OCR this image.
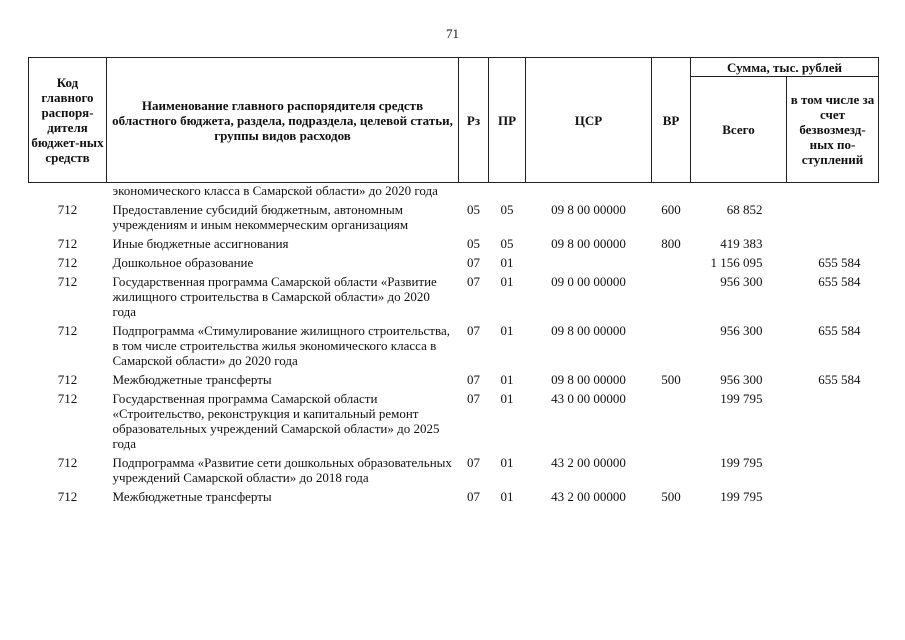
71
Код главного распоря-дителя бюджет-ных средств	Наименование главного распорядителя средств областного бюджета, раздела, подраздела, целевой статьи, группы видов расходов	Рз	ПР	ЦСР	ВР	Сумма, тыс. рублей	
						Всего	в том числе за счет безвозмезд-ных по-ступлений
	экономического класса в Самарской области» до 2020 года						
712	Предоставление субсидий бюджетным, автономным учреждениям и иным некоммерческим организациям	05	05	09 8 00 00000	600	68 852	
712	Иные бюджетные ассигнования	05	05	09 8 00 00000	800	419 383	
712	Дошкольное образование	07	01			1 156 095	655 584
712	Государственная программа Самарской области «Развитие жилищного строительства в Самарской области» до 2020 года	07	01	09 0 00 00000		956 300	655 584
712	Подпрограмма «Стимулирование жилищного строительства, в том числе строительства жилья экономического класса в Самарской области» до 2020 года	07	01	09 8 00 00000		956 300	655 584
712	Межбюджетные трансферты	07	01	09 8 00 00000	500	956 300	655 584
712	Государственная программа Самарской области «Строительство, реконструкция и капитальный ремонт образовательных учреждений Самарской области» до 2025 года	07	01	43 0 00 00000		199 795	
712	Подпрограмма «Развитие сети дошкольных образовательных учреждений Самарской области» до 2018 года	07	01	43 2 00 00000		199 795	
712	Межбюджетные трансферты	07	01	43 2 00 00000	500	199 795	
